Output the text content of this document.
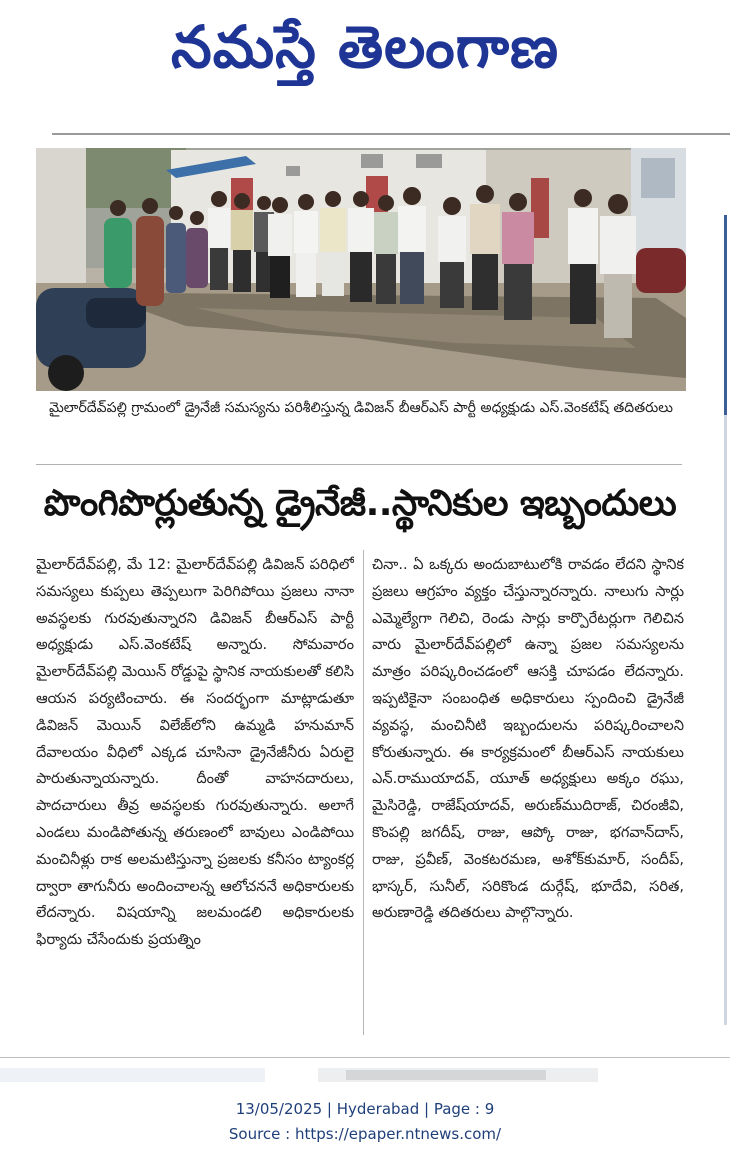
నమస్తే తెలంగాణ
మైలార్‌దేవ్‌పల్లి గ్రామంలో డ్రైనేజీ సమస్యను పరిశీలిస్తున్న డివిజన్ బీఆర్‌ఎస్ పార్టీ అధ్యక్షుడు ఎస్.వెంకటేష్ తదితరులు
పొంగిపొర్లుతున్న డ్రైనేజీ..స్థానికుల ఇబ్బందులు

మైలార్‌దేవ్‌పల్లి, మే 12: మైలార్‌దేవ్‌పల్లి డివిజన్ పరిధిలో సమస్యలు కుప్పలు తెప్పలుగా పెరిగిపోయి ప్రజలు నానా అవస్థలకు గురవుతున్నారని డివిజన్ బీఆర్‌ఎస్ పార్టీ అధ్యక్షుడు ఎస్.వెంకటేష్ అన్నారు. సోమవారం మైలార్‌దేవ్‌పల్లి మెయిన్ రోడ్డుపై స్థానిక నాయకులతో కలిసి ఆయన పర్యటించారు. ఈ సందర్భంగా మాట్లాడుతూ డివిజన్ మెయిన్ విలేజ్‌లోని ఉమ్మడి హనుమాన్ దేవాలయం వీధిలో ఎక్కడ చూసినా డ్రైనేజీనీరు ఏరులై పారుతున్నాయన్నారు. దీంతో వాహనదారులు, పాదచారులు తీవ్ర అవస్థలకు గురవుతున్నారు. అలాగే ఎండలు మండిపోతున్న తరుణంలో బావులు ఎండిపోయి మంచినీళ్లు రాక అలమటిస్తున్నా ప్రజలకు కనీసం ట్యాంకర్ల ద్వారా తాగునీరు అందించాలన్న ఆలోచననే అధికారులకు లేదన్నారు. విషయాన్ని జలమండలి అధికారులకు ఫిర్యాదు చేసేందుకు ప్రయత్నిం

చినా.. ఏ ఒక్కరు అందుబాటులోకి రావడం లేదని స్థానిక ప్రజలు ఆగ్రహం వ్యక్తం చేస్తున్నారన్నారు. నాలుగు సార్లు ఎమ్మెల్యేగా గెలిచి, రెండు సార్లు కార్పొరేటర్లుగా గెలిచిన వారు మైలార్‌దేవ్‌పల్లిలో ఉన్నా ప్రజల సమస్యలను మాత్రం పరిష్కరించడంలో ఆసక్తి చూపడం లేదన్నారు. ఇప్పటికైనా సంబంధిత అధికారులు స్పందించి డ్రైనేజీ వ్యవస్థ, మంచినీటి ఇబ్బందులను పరిష్కరించాలని కోరుతున్నారు. ఈ కార్యక్రమంలో బీఆర్‌ఎస్ నాయకులు ఎన్.రాముయాదవ్, యూత్ అధ్యక్షులు అక్కం రఘు, మైసిరెడ్డి, రాజేష్‌యాదవ్, అరుణ్‌ముదిరాజ్, చిరంజీవి, కొంపల్లి జగదీష్, రాజు, ఆప్కో రాజు, భగవాన్‌దాస్, రాజు, ప్రవీణ్, వెంకటరమణ, అశోక్‌కుమార్, సందీప్, భాస్కర్, సునీల్, సరికొండ దుర్గేష్, భూదేవి, సరిత, అరుణారెడ్డి తదితరులు పాల్గొన్నారు.

13/05/2025 | Hyderabad | Page : 9
Source : https://epaper.ntnews.com/
